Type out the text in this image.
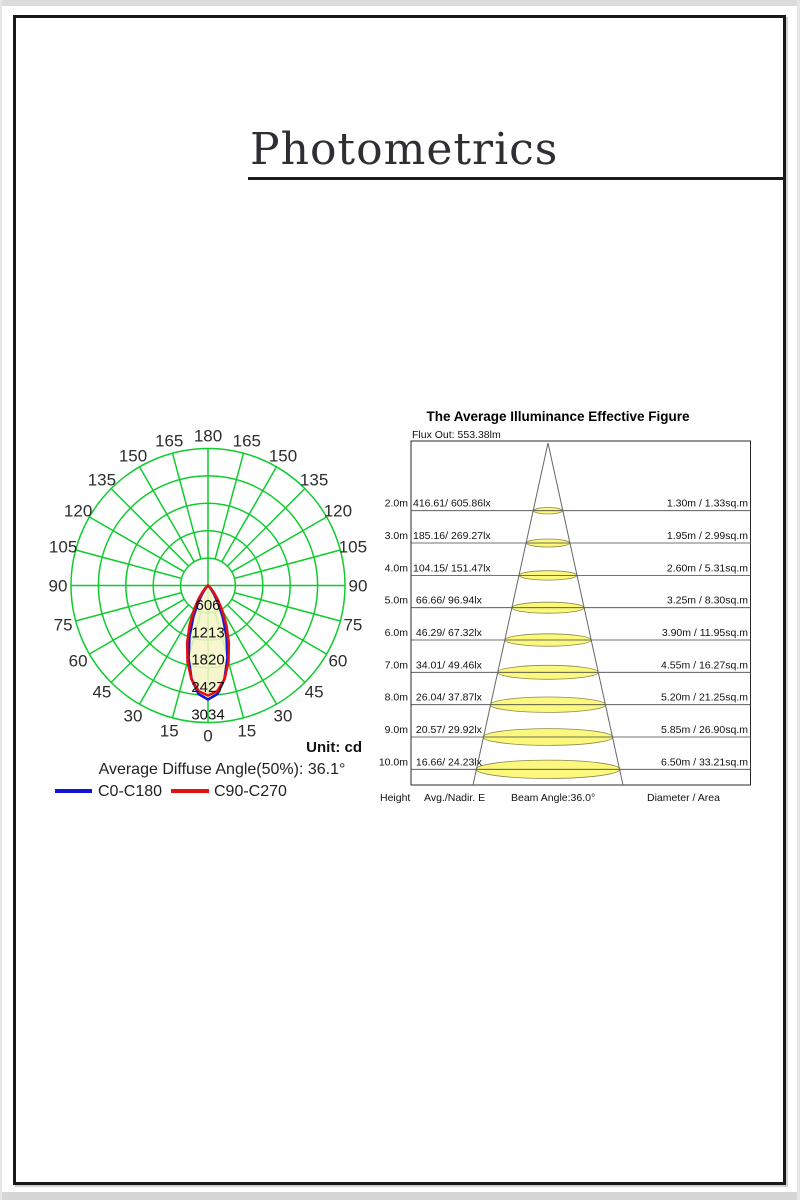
Photometrics
0 15
15
30
30
45
45
60
60
75
75
90
90
105
105
120
120
135
135
150
150
165
165 180
606
1213
1820
2427
3034
Unit: cd
Average Diffuse Angle(50%): 36.1°
C0-C180	C90-C270
The Average Illuminance Effective Figure
Flux Out: 553.38lm
2.0m 416.61/ 605.86lx	1.30m / 1.33sq.m
3.0m 185.16/ 269.27lx	1.95m / 2.99sq.m
4.0m 104.15/ 151.47lx	2.60m / 5.31sq.m
5.0m 66.66/ 96.94lx	3.25m / 8.30sq.m
6.0m 46.29/ 67.32lx	3.90m / 11.95sq.m
7.0m 34.01/ 49.46lx	4.55m / 16.27sq.m
8.0m 26.04/ 37.87lx	5.20m / 21.25sq.m
9.0m 20.57/ 29.92lx	5.85m / 26.90sq.m
10.0m 16.66/ 24.23lx	6.50m / 33.21sq.m
Height Avg./Nadir. E Beam Angle:36.0°	Diameter / Area
